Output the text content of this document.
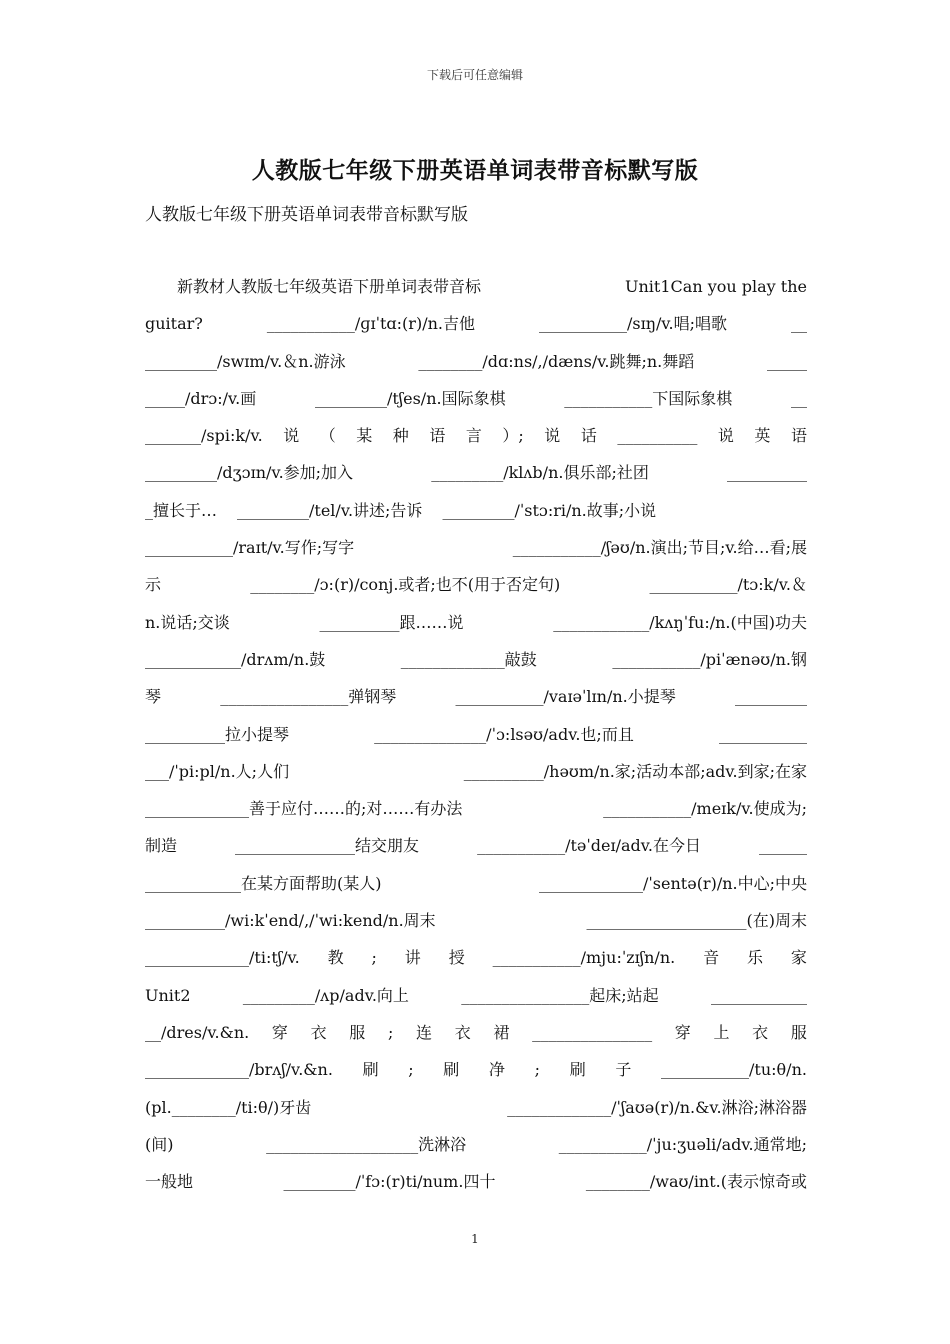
下载后可任意编辑
人教版七年级下册英语单词表带音标默写版
人教版七年级下册英语单词表带音标默写版
　　新教材人教版七年级英语下册单词表带音标	Unit1Can you play the
guitar?	___________/ɡɪˈtɑ:(r)/n.吉他	___________/sɪŋ/v.唱;唱歌	__
_________/swɪm/v.＆n.游泳	________/dɑ:ns/,/dæns/v.跳舞;n.舞蹈	_____
_____/drɔ:/v.画	_________/tʃes/n.国际象棋	___________下国际象棋	__
_______/spi:k/v. 说 （ 某 种 语 言 ）; 说 话 __________ 说 英 语
_________/dʒɔɪn/v.参加;加入	_________/klʌb/n.俱乐部;社团	__________
_擅长于… _________/tel/v.讲述;告诉 _________/ˈstɔ:ri/n.故事;小说
___________/raɪt/v.写作;写字	___________/ʃəʊ/n.演出;节目;v.给…看;展
示	________/ɔ:(r)/conj.或者;也不(用于否定句)	___________/tɔ:k/v.＆
n.说话;交谈	__________跟……说	____________/kʌŋˈfu:/n.(中国)功夫
____________/drʌm/n.鼓	_____________敲鼓	___________/piˈænəʊ/n.钢
琴	________________弹钢琴	___________/vaɪəˈlɪn/n.小提琴	_________
__________拉小提琴	______________/ˈɔ:lsəʊ/adv.也;而且	___________
___/ˈpi:pl/n.人;人们	__________/həʊm/n.家;活动本部;adv.到家;在家
_____________善于应付……的;对……有办法	___________/meɪk/v.使成为;
制造	_______________结交朋友	___________/təˈdeɪ/adv.在今日	______
____________在某方面帮助(某人)	_____________/ˈsentə(r)/n.中心;中央
__________/wi:kˈend/,/ˈwi:kend/n.周末	____________________(在)周末
_____________/ti:tʃ/v. 教 ; 讲 授 ___________/mju:ˈzɪʃn/n. 音 乐 家
Unit2	_________/ʌp/adv.向上	________________起床;站起	____________
__/dres/v.&n. 穿 衣 服 ; 连 衣 裙 _______________ 穿 上 衣 服
_____________/brʌʃ/v.&n. 刷 ; 刷 净 ; 刷 子 ___________/tu:θ/n.
(pl.________/ti:θ/)牙齿	_____________/ˈʃaʊə(r)/n.&v.淋浴;淋浴器
(间)	___________________洗淋浴	___________/ˈju:ʒuəli/adv.通常地;
一般地	_________/ˈfɔ:(r)ti/num.四十	________/waʊ/int.(表示惊奇或
1
